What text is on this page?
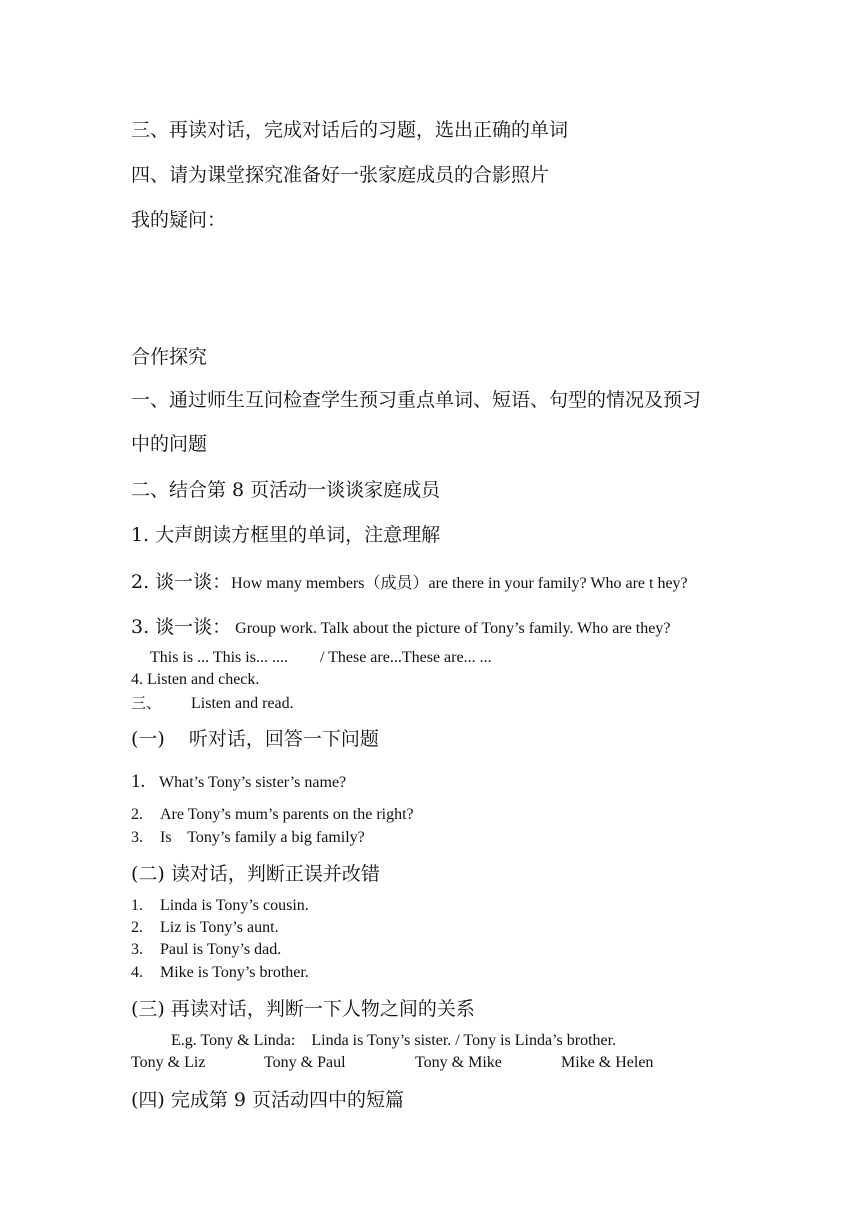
三、再读对话，完成对话后的习题，选出正确的单词

四、请为课堂探究准备好一张家庭成员的合影照片

我的疑问：

合作探究

一、通过师生互问检查学生预习重点单词、短语、句型的情况及预习

中的问题

二、结合第 8 页活动一谈谈家庭成员

1. 大声朗读方框里的单词，注意理解

2. 谈一谈：How many members（成员）are there in your family? Who are t hey?

3. 谈一谈： Group work. Talk about the picture of Tony’s family. Who are they?

This is ... This is... ....        / These are...These are... ...

4. Listen and check.

三、 Listen and read.

(一) 听对话，回答一下问题

1. What’s Tony’s sister’s name?

2. Are Tony’s mum’s parents on the right?

3. Is    Tony’s family a big family?

(二) 读对话，判断正误并改错

1. Linda is Tony’s cousin.

2. Liz is Tony’s aunt.

3. Paul is Tony’s dad.

4. Mike is Tony’s brother.

(三) 再读对话，判断一下人物之间的关系

E.g. Tony & Linda:    Linda is Tony’s sister. / Tony is Linda’s brother.

Tony & Liz

	Tony & Paul

	Tony & Mike

	Mike & Helen

(四) 完成第 9 页活动四中的短篇
